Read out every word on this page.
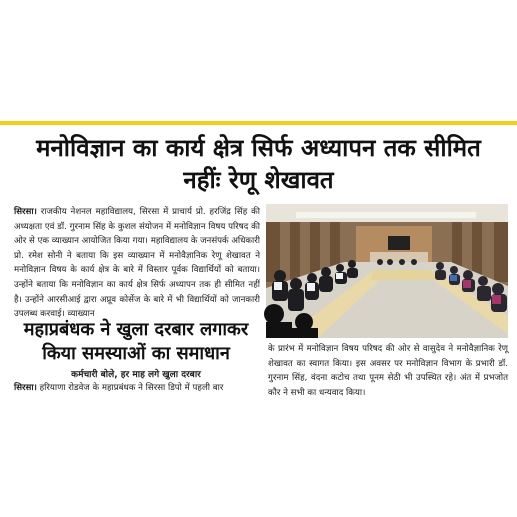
मनोविज्ञान का कार्य क्षेत्र सिर्फ अध्यापन तक सीमित
नहींः रेणू शेखावत
सिरसा। राजकीय नेशनल महाविद्यालय, सिरसा में प्राचार्य प्रो. हरजिंद्र सिंह की अध्यक्षता एवं डॉ. गुरनाम सिंह के कुशल संयोजन में मनोविज्ञान विषय परिषद की ओर से एक व्याख्यान आयोजित किया गया। महाविद्यालय के जनसंपर्क अधिकारी प्रो. रमेश सोनी ने बताया कि इस व्याख्यान में मनोवैज्ञानिक रेणू शेखावत ने मनोविज्ञान विषय के कार्य क्षेत्र के बारे में विस्तार पूर्वक विद्यार्थियों को बताया। उन्होंने बताया कि मनोविज्ञान का कार्य क्षेत्र सिर्फ अध्यापन तक ही सीमित नहीं है। उन्होंने आरसीआई द्वारा अप्रूव कोर्सेज के बारे में भी विद्यार्थियों को जानकारी उपलब्ध करवाई। व्याख्यान
महाप्रबंधक ने खुला दरबार लगाकर
किया समस्याओं का समाधान
कर्मचारी बोले, हर माह लगे खुला दरबार
सिरसा। हरियाणा रोडवेज के महाप्रबंधक ने सिरसा डिपो में पहली बार
के प्रारंभ में मनोविज्ञान विषय परिषद की ओर से वासुदेव ने मनोवैज्ञानिक रेणू शेखावत का स्वागत किया। इस अवसर पर मनोविज्ञान विभाग के प्रभारी डॉ. गुरनाम सिंह, वंदना कटोच तथा पूनम सेठी भी उपस्थित रहे। अंत में प्रभजोत कौर ने सभी का धन्यवाद किया।
